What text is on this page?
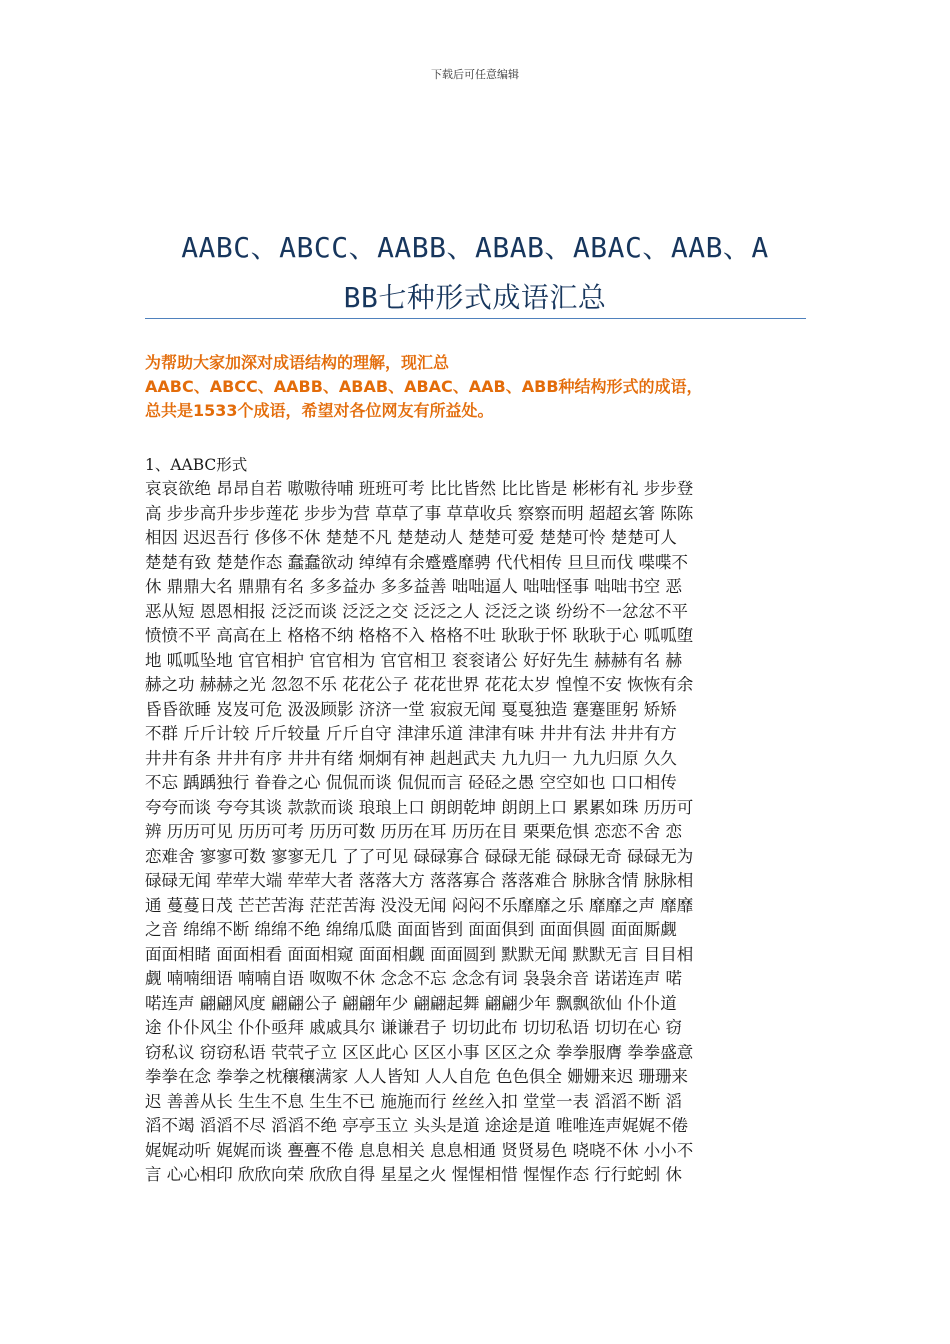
下载后可任意编辑
AABC、ABCC、AABB、ABAB、ABAC、AAB、A
BB七种形式成语汇总
为帮助大家加深对成语结构的理解，现汇总
AABC、ABCC、AABB、ABAB、ABAC、AAB、ABB种结构形式的成语，
总共是1533个成语，希望对各位网友有所益处。
1、AABC形式
哀哀欲绝 昂昂自若 嗷嗷待哺 班班可考 比比皆然 比比皆是 彬彬有礼 步步登
高 步步高升步步莲花 步步为营 草草了事 草草收兵 察察而明 超超玄箸 陈陈
相因 迟迟吾行 侈侈不休 楚楚不凡 楚楚动人 楚楚可爱 楚楚可怜 楚楚可人
楚楚有致 楚楚作态 蠢蠢欲动 绰绰有余蹙蹙靡骋 代代相传 旦旦而伐 喋喋不
休 鼎鼎大名 鼎鼎有名 多多益办 多多益善 咄咄逼人 咄咄怪事 咄咄书空 恶
恶从短 恩恩相报 泛泛而谈 泛泛之交 泛泛之人 泛泛之谈 纷纷不一忿忿不平
愤愤不平 高高在上 格格不纳 格格不入 格格不吐 耿耿于怀 耿耿于心 呱呱堕
地 呱呱坠地 官官相护 官官相为 官官相卫 衮衮诸公 好好先生 赫赫有名 赫
赫之功 赫赫之光 忽忽不乐 花花公子 花花世界 花花太岁 惶惶不安 恢恢有余
昏昏欲睡 岌岌可危 汲汲顾影 济济一堂 寂寂无闻 戛戛独造 蹇蹇匪躬 矫矫
不群 斤斤计较 斤斤较量 斤斤自守 津津乐道 津津有味 井井有法 井井有方
井井有条 井井有序 井井有绪 炯炯有神 赳赳武夫 九九归一 九九归原 久久
不忘 踽踽独行 眷眷之心 侃侃而谈 侃侃而言 硁硁之愚 空空如也 口口相传
夸夸而谈 夸夸其谈 款款而谈 琅琅上口 朗朗乾坤 朗朗上口 累累如珠 历历可
辨 历历可见 历历可考 历历可数 历历在耳 历历在目 栗栗危惧 恋恋不舍 恋
恋难舍 寥寥可数 寥寥无几 了了可见 碌碌寡合 碌碌无能 碌碌无奇 碌碌无为
碌碌无闻 荦荦大端 荦荦大者 落落大方 落落寡合 落落难合 脉脉含情 脉脉相
通 蔓蔓日茂 芒芒苦海 茫茫苦海 没没无闻 闷闷不乐靡靡之乐 靡靡之声 靡靡
之音 绵绵不断 绵绵不绝 绵绵瓜瓞 面面皆到 面面俱到 面面俱圆 面面厮觑
面面相睹 面面相看 面面相窥 面面相觑 面面圆到 默默无闻 默默无言 目目相
觑 喃喃细语 喃喃自语 呶呶不休 念念不忘 念念有词 袅袅余音 诺诺连声 喏
喏连声 翩翩风度 翩翩公子 翩翩年少 翩翩起舞 翩翩少年 飘飘欲仙 仆仆道
途 仆仆风尘 仆仆亟拜 戚戚具尔 谦谦君子 切切此布 切切私语 切切在心 窃
窃私议 窃窃私语 茕茕孑立 区区此心 区区小事 区区之众 拳拳服膺 拳拳盛意
拳拳在念 拳拳之枕穰穰满家 人人皆知 人人自危 色色俱全 姗姗来迟 珊珊来
迟 善善从长 生生不息 生生不已 施施而行 丝丝入扣 堂堂一表 滔滔不断 滔
滔不竭 滔滔不尽 滔滔不绝 亭亭玉立 头头是道 途途是道 唯唯连声娓娓不倦
娓娓动听 娓娓而谈 亹亹不倦 息息相关 息息相通 贤贤易色 哓哓不休 小小不
言 心心相印 欣欣向荣 欣欣自得 星星之火 惺惺相惜 惺惺作态 行行蛇蚓 休
